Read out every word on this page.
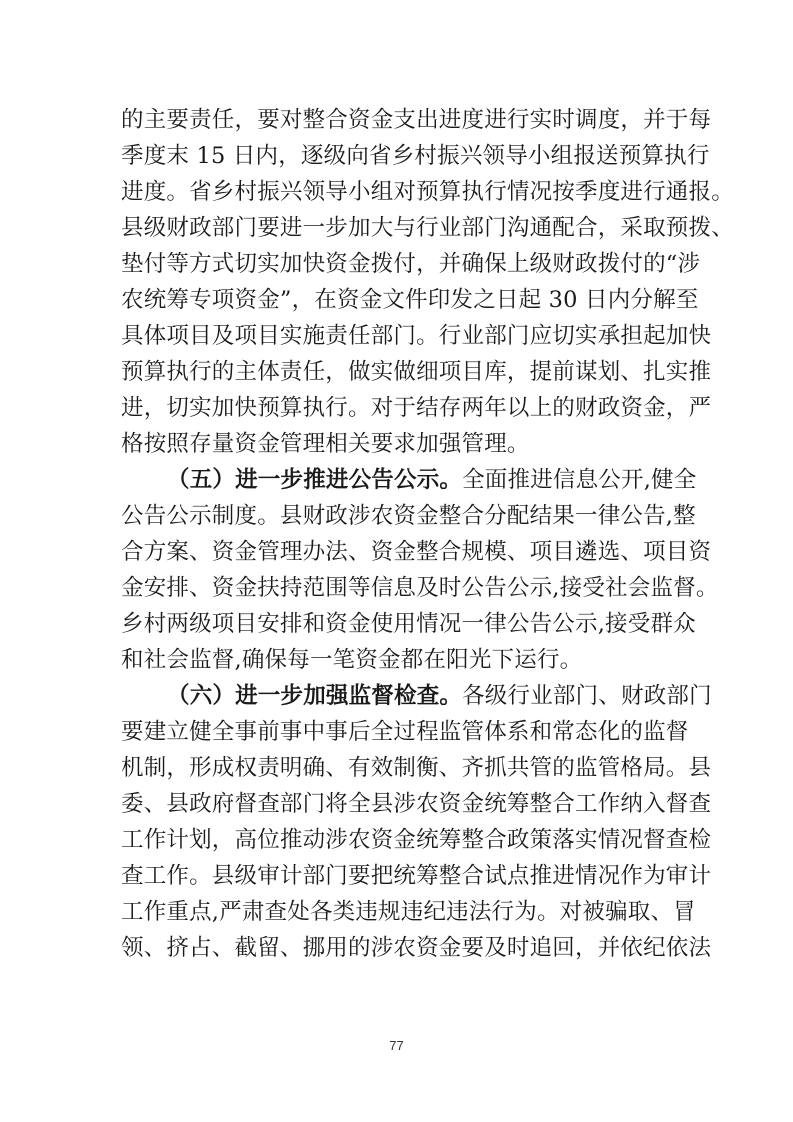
的主要责任，要对整合资金支出进度进行实时调度，并于每
季度末 15 日内，逐级向省乡村振兴领导小组报送预算执行
进度。省乡村振兴领导小组对预算执行情况按季度进行通报。
县级财政部门要进一步加大与行业部门沟通配合，采取预拨、
垫付等方式切实加快资金拨付，并确保上级财政拨付的“涉
农统筹专项资金”，在资金文件印发之日起 30 日内分解至
具体项目及项目实施责任部门。行业部门应切实承担起加快
预算执行的主体责任，做实做细项目库，提前谋划、扎实推
进，切实加快预算执行。对于结存两年以上的财政资金，严
格按照存量资金管理相关要求加强管理。
（五）进一步推进公告公示。全面推进信息公开,健全
公告公示制度。县财政涉农资金整合分配结果一律公告,整
合方案、资金管理办法、资金整合规模、项目遴选、项目资
金安排、资金扶持范围等信息及时公告公示,接受社会监督。
乡村两级项目安排和资金使用情况一律公告公示,接受群众
和社会监督,确保每一笔资金都在阳光下运行。
（六）进一步加强监督检查。各级行业部门、财政部门
要建立健全事前事中事后全过程监管体系和常态化的监督
机制，形成权责明确、有效制衡、齐抓共管的监管格局。县
委、县政府督查部门将全县涉农资金统筹整合工作纳入督查
工作计划，高位推动涉农资金统筹整合政策落实情况督查检
查工作。县级审计部门要把统筹整合试点推进情况作为审计
工作重点,严肃查处各类违规违纪违法行为。对被骗取、冒
领、挤占、截留、挪用的涉农资金要及时追回，并依纪依法
77
